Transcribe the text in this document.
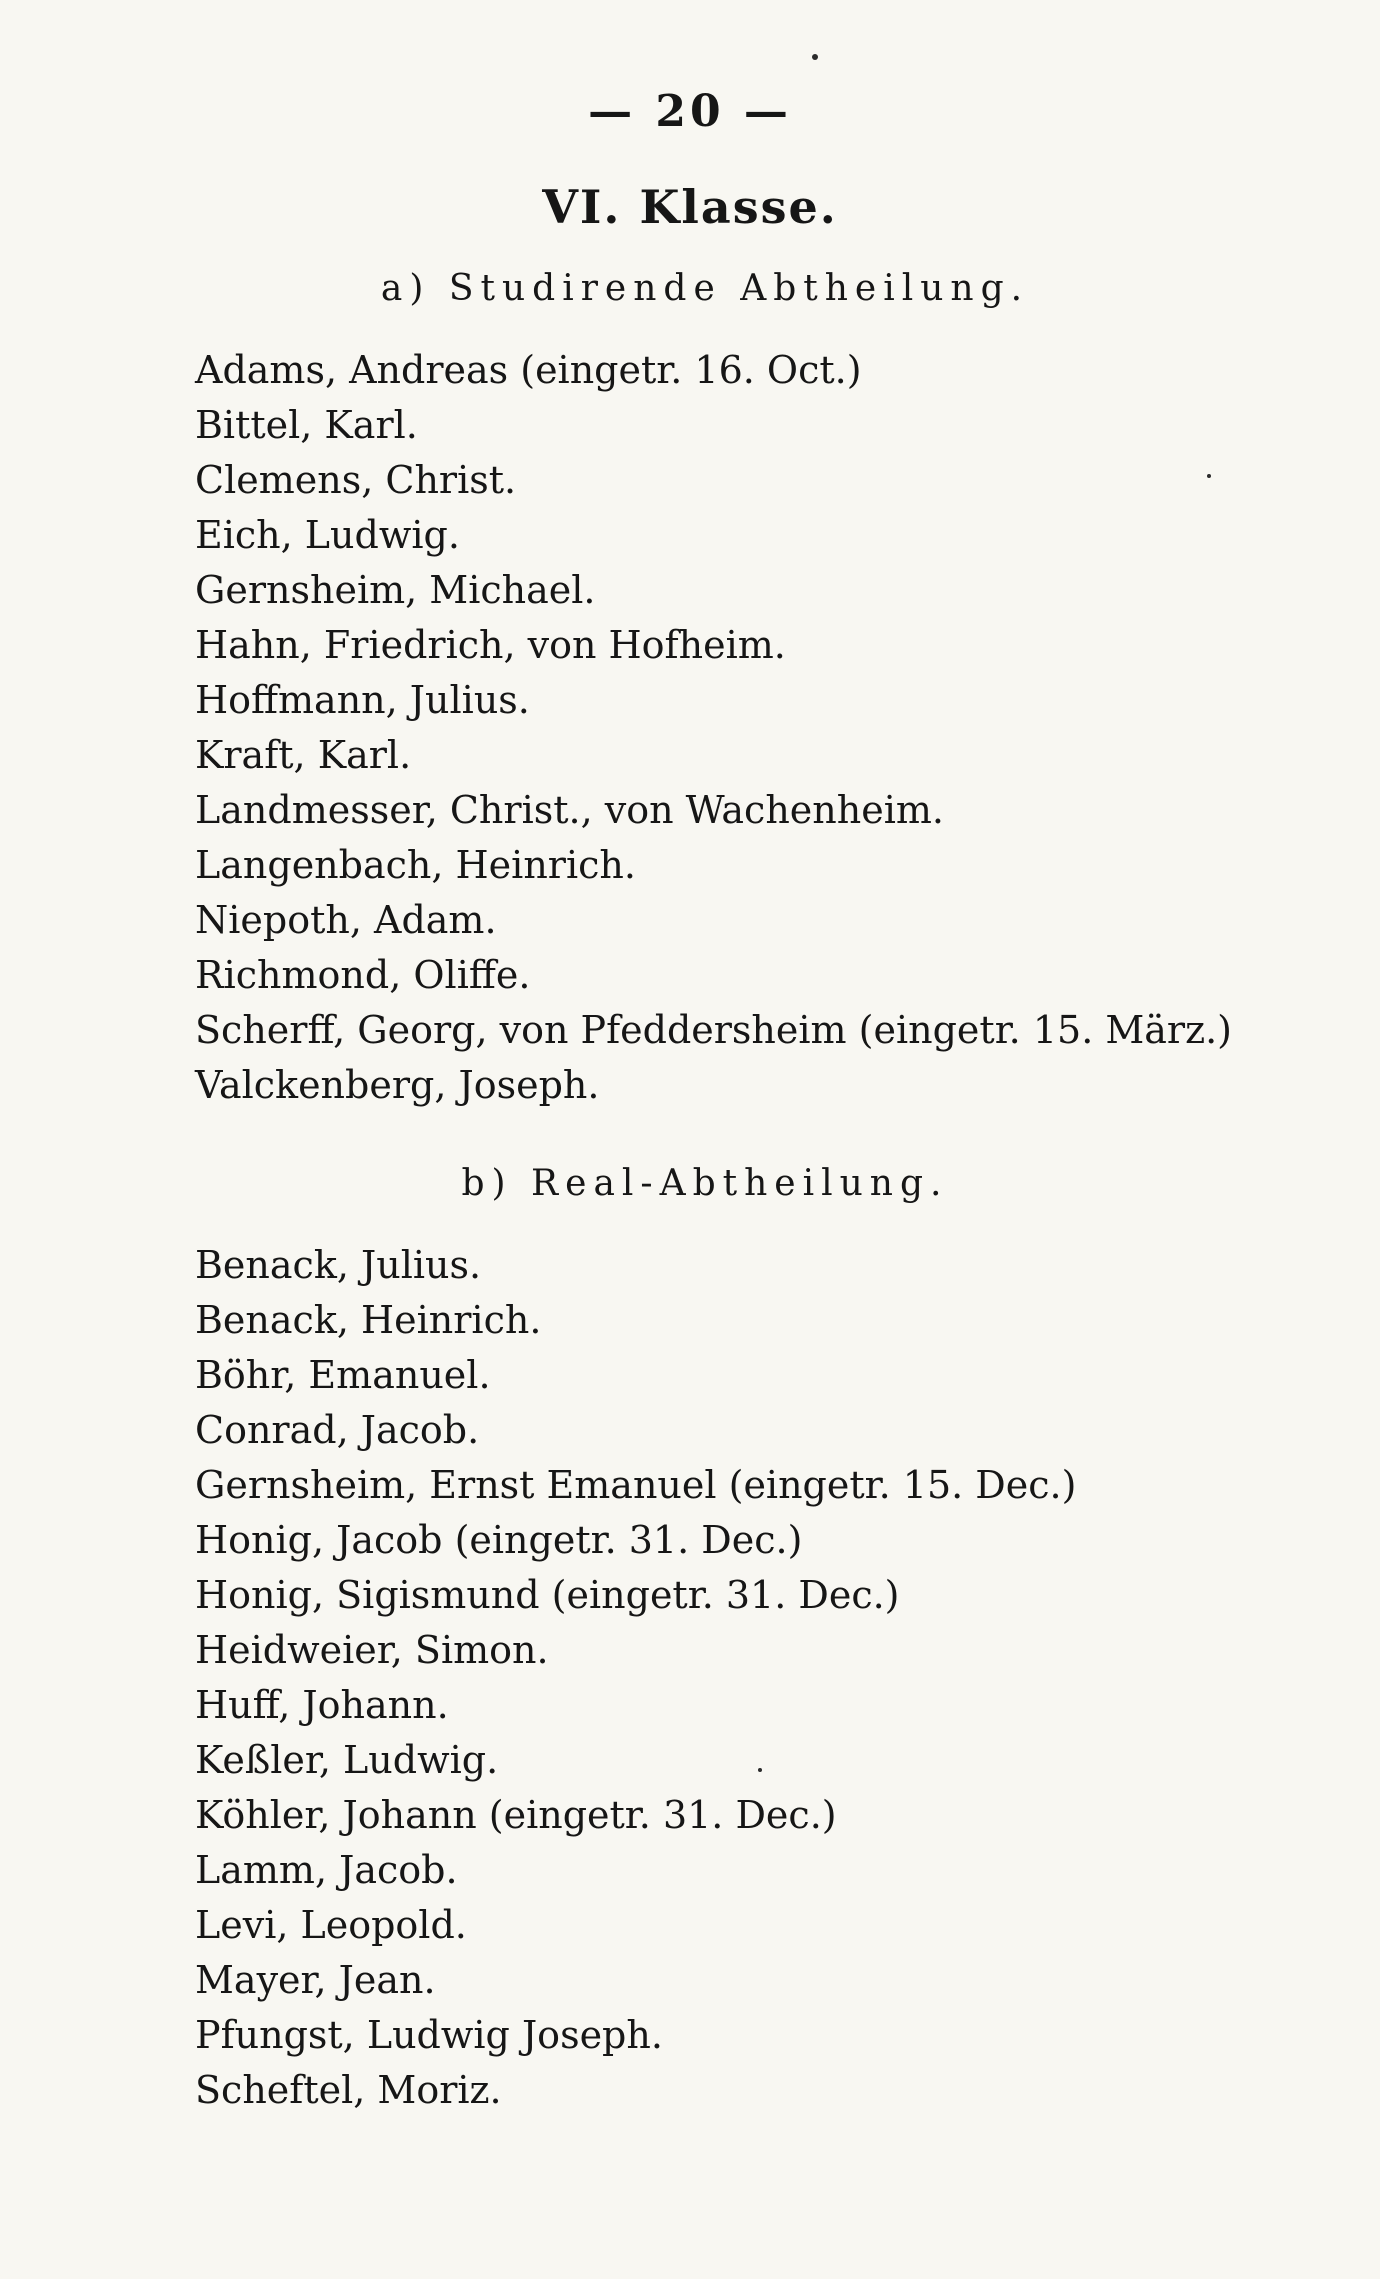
— 20 —
VI. Klasse.
a) Studirende Abtheilung.
Adams, Andreas (eingetr. 16. Oct.)
Bittel, Karl.
Clemens, Christ.
Eich, Ludwig.
Gernsheim, Michael.
Hahn, Friedrich, von Hofheim.
Hoffmann, Julius.
Kraft, Karl.
Landmesser, Christ., von Wachenheim.
Langenbach, Heinrich.
Niepoth, Adam.
Richmond, Oliffe.
Scherff, Georg, von Pfeddersheim (eingetr. 15. März.)
Valckenberg, Joseph.
b) Real-Abtheilung.
Benack, Julius.
Benack, Heinrich.
Böhr, Emanuel.
Conrad, Jacob.
Gernsheim, Ernst Emanuel (eingetr. 15. Dec.)
Honig, Jacob (eingetr. 31. Dec.)
Honig, Sigismund (eingetr. 31. Dec.)
Heidweier, Simon.
Huff, Johann.
Keßler, Ludwig.
Köhler, Johann (eingetr. 31. Dec.)
Lamm, Jacob.
Levi, Leopold.
Mayer, Jean.
Pfungst, Ludwig Joseph.
Scheftel, Moriz.
